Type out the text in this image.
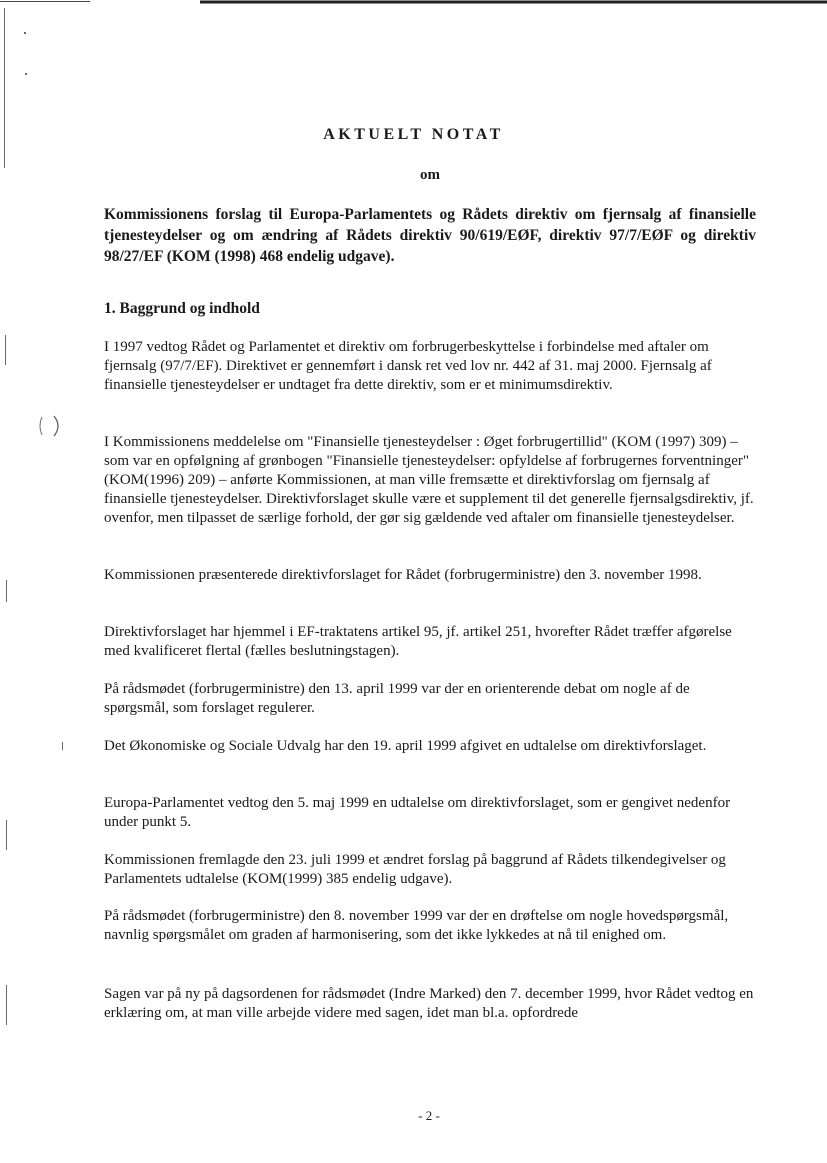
AKTUELT NOTAT
om
Kommissionens forslag til Europa-Parlamentets og Rådets direktiv om fjernsalg af finansielle tjenesteydelser og om ændring af Rådets direktiv 90/619/EØF, direktiv 97/7/EØF og direktiv 98/27/EF (KOM (1998) 468 endelig udgave).
1. Baggrund og indhold

I 1997 vedtog Rådet og Parlamentet et direktiv om forbrugerbeskyttelse i forbindelse med aftaler om fjernsalg (97/7/EF). Direktivet er gennemført i dansk ret ved lov nr. 442 af 31. maj 2000. Fjernsalg af finansielle tjenesteydelser er undtaget fra dette direktiv, som er et minimumsdirektiv.

I Kommissionens meddelelse om "Finansielle tjenesteydelser : Øget forbrugertillid" (KOM (1997) 309) – som var en opfølgning af grønbogen "Finansielle tjenesteydelser: opfyldelse af forbrugernes forventninger" (KOM(1996) 209) – anførte Kommissionen, at man ville fremsætte et direktivforslag om fjernsalg af finansielle tjenesteydelser. Direktivforslaget skulle være et supplement til det generelle fjernsalgsdirektiv, jf. ovenfor, men tilpasset de særlige forhold, der gør sig gældende ved aftaler om finansielle tjenesteydelser.

Kommissionen præsenterede direktivforslaget for Rådet (forbrugerministre) den 3. november 1998.

Direktivforslaget har hjemmel i EF-traktatens artikel 95, jf. artikel 251, hvorefter Rådet træffer afgørelse med kvalificeret flertal (fælles beslutningstagen).

På rådsmødet (forbrugerministre) den 13. april 1999 var der en orienterende debat om nogle af de spørgsmål, som forslaget regulerer.

Det Økonomiske og Sociale Udvalg har den 19. april 1999 afgivet en udtalelse om direktivforslaget.

Europa-Parlamentet vedtog den 5. maj 1999 en udtalelse om direktivforslaget, som er gengivet nedenfor under punkt 5.

Kommissionen fremlagde den 23. juli 1999 et ændret forslag på baggrund af Rådets tilkendegivelser og Parlamentets udtalelse (KOM(1999) 385 endelig udgave).

På rådsmødet (forbrugerministre) den 8. november 1999 var der en drøftelse om nogle hovedspørgsmål, navnlig spørgsmålet om graden af harmonisering, som det ikke lykkedes at nå til enighed om.

Sagen var på ny på dagsordenen for rådsmødet (Indre Marked) den 7. december 1999, hvor Rådet vedtog en erklæring om, at man ville arbejde videre med sagen, idet man bl.a. opfordrede

- 2 -
